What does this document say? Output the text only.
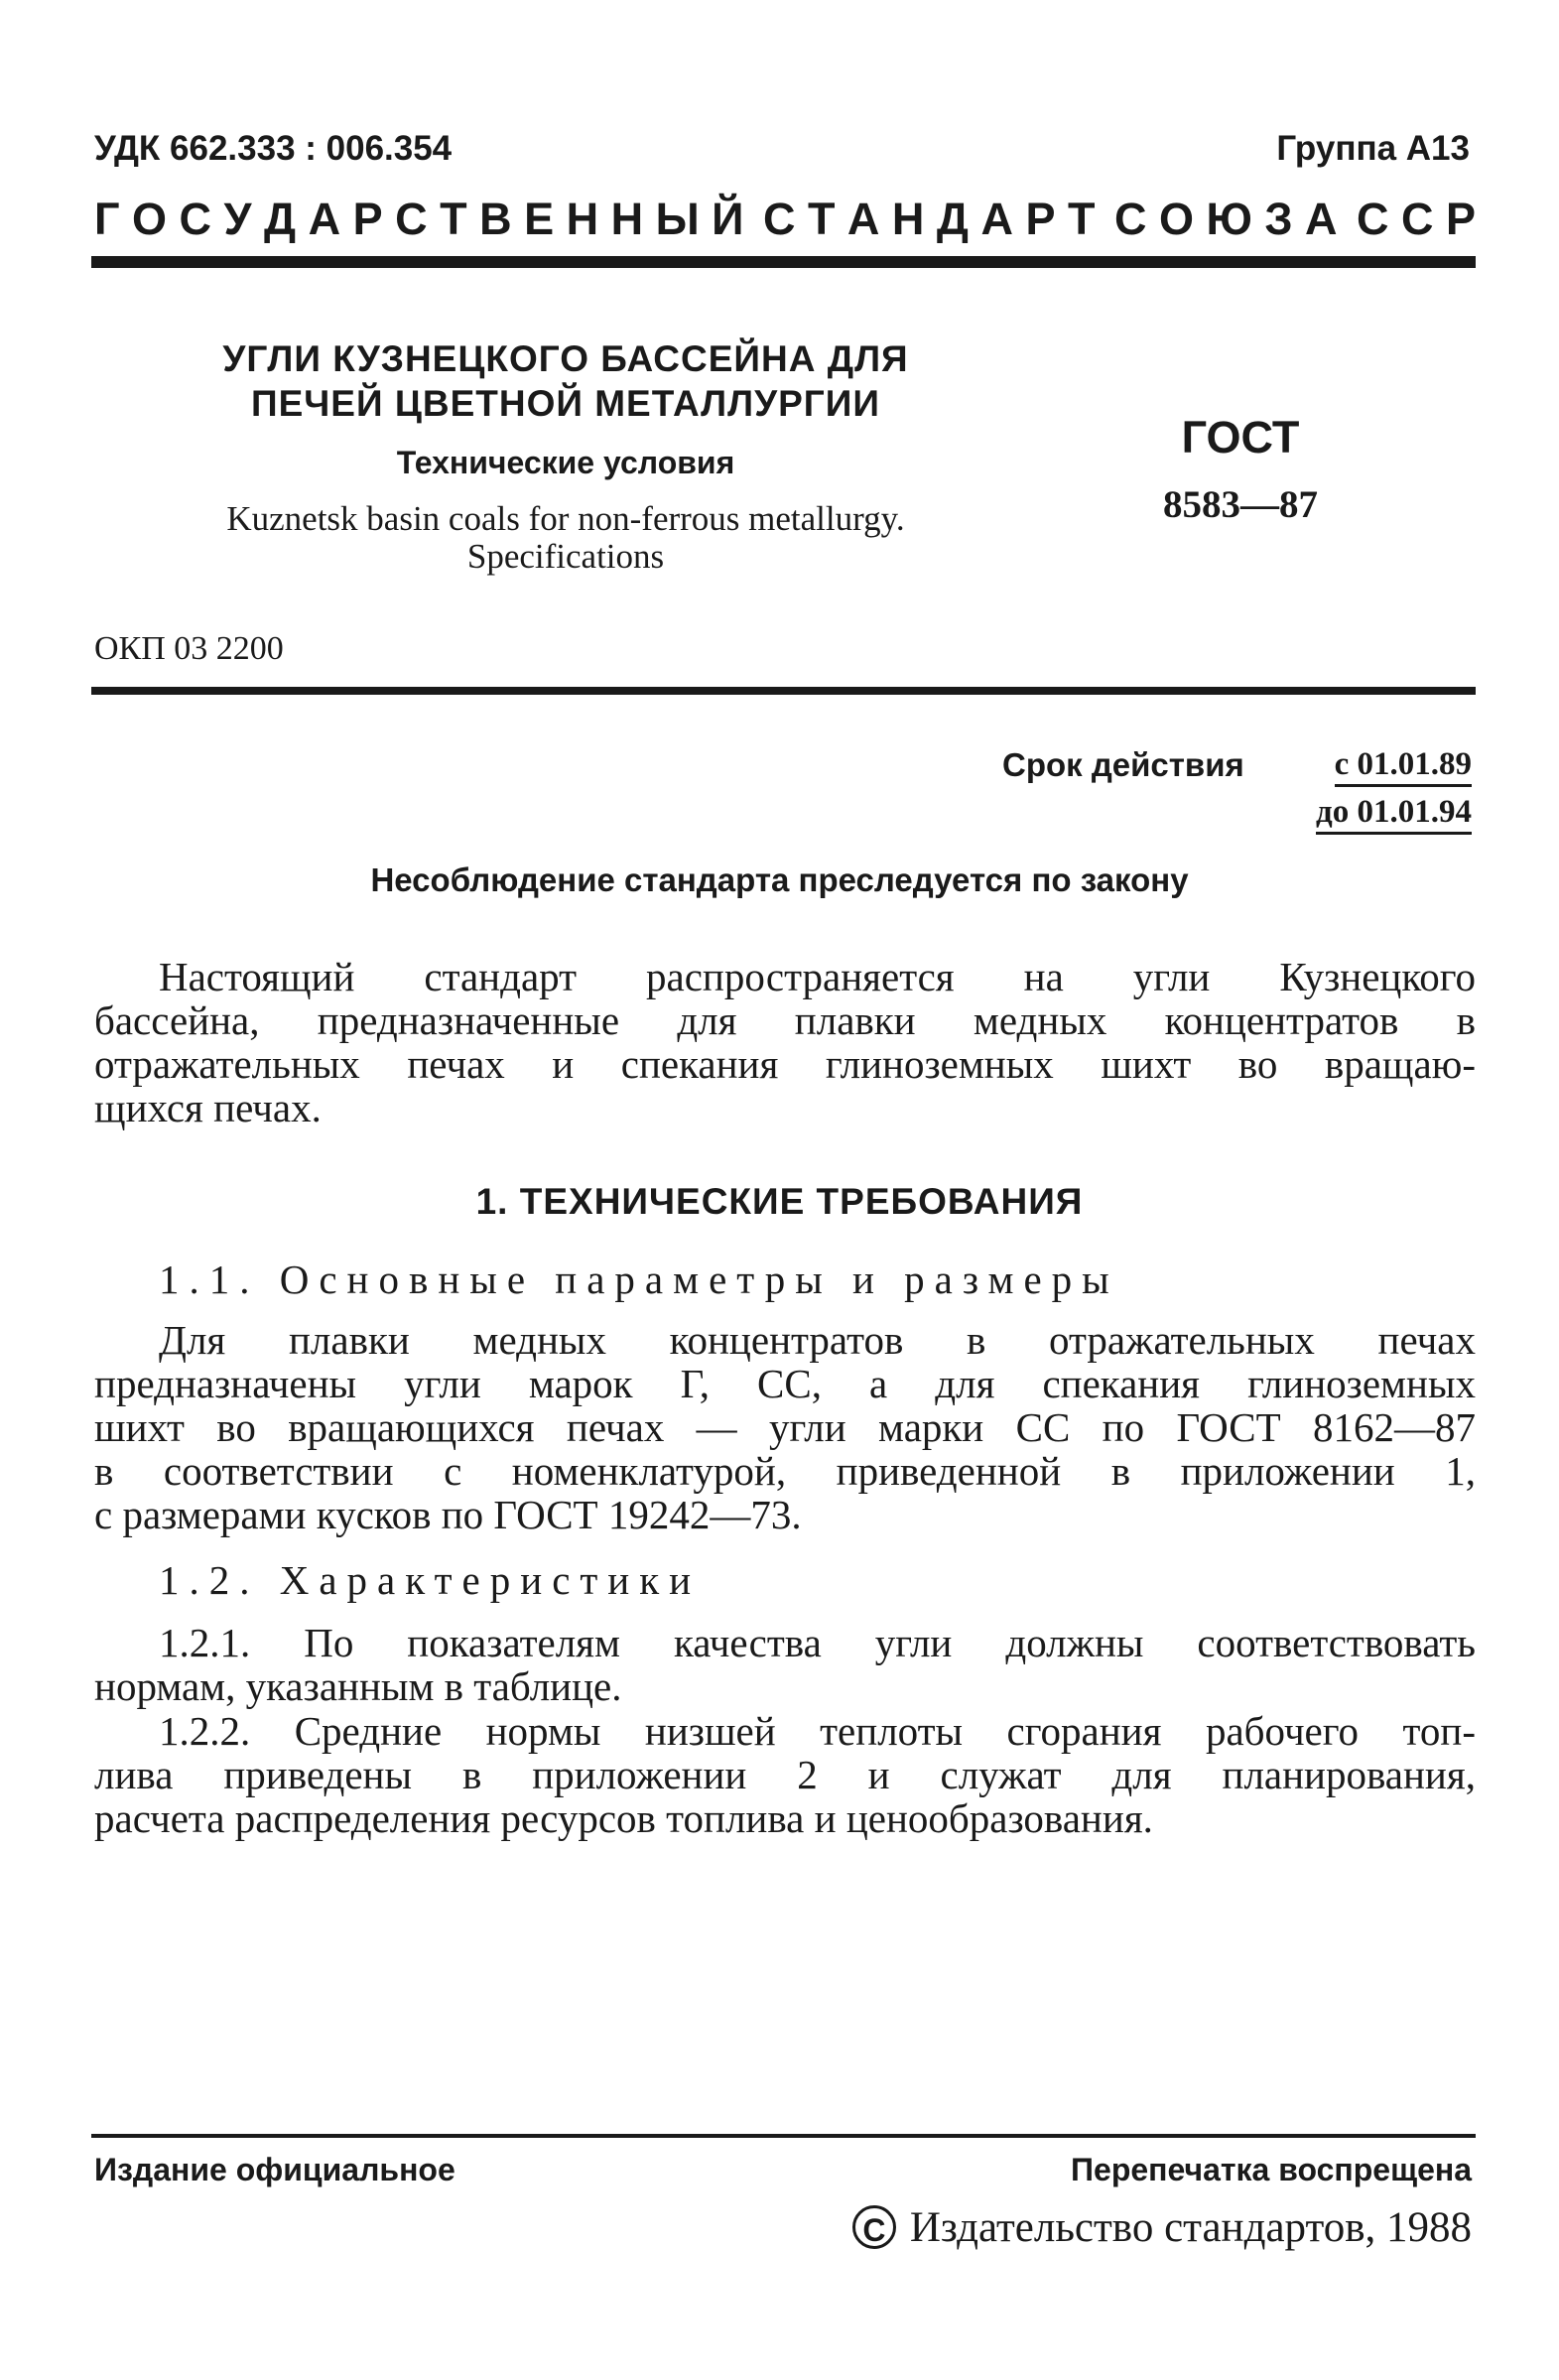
УДК 662.333 : 006.354	Группа А13
Г О С У Д А Р С Т В Е Н Н Ы Й С Т А Н Д А Р Т С О Ю З А С С Р
УГЛИ КУЗНЕЦКОГО БАССЕЙНА ДЛЯ
ПЕЧЕЙ ЦВЕТНОЙ МЕТАЛЛУРГИИ
Технические условия
Kuznetsk basin coals for non-ferrous metallurgy.
Specifications
ГОСТ
8583—87
ОКП 03 2200
Срок действия	с 01.01.89
до 01.01.94
Несоблюдение стандарта преследуется по закону
Настоящий стандарт распространяется на угли Кузнецкого
бассейна, предназначенные для плавки медных концентратов в
отражательных печах и спекания глиноземных шихт во вращаю-
щихся печах.
1. ТЕХНИЧЕСКИЕ ТРЕБОВАНИЯ
1.1. Основные параметры и размеры
Для плавки медных концентратов в отражательных печах
предназначены угли марок Г, СС, а для спекания глиноземных
шихт во вращающихся печах — угли марки СС по ГОСТ 8162—87
в соответствии с номенклатурой, приведенной в приложении 1,
с размерами кусков по ГОСТ 19242—73.
1.2. Характеристики
1.2.1. По показателям качества угли должны соответствовать
нормам, указанным в таблице.
1.2.2. Средние нормы низшей теплоты сгорания рабочего топ-
лива приведены в приложении 2 и служат для планирования,
расчета распределения ресурсов топлива и ценообразования.
Издание официальное	Перепечатка воспрещена
C Издательство стандартов, 1988
